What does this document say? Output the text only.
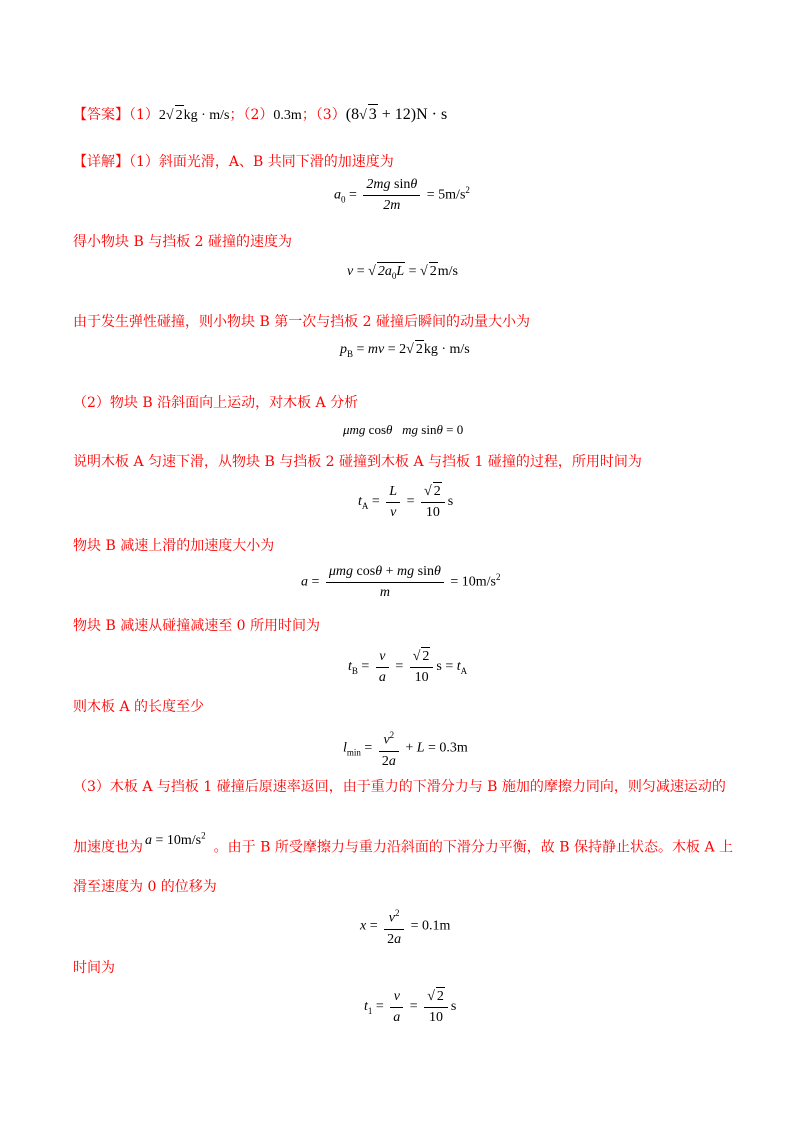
【答案】（1）2√ 2kg · m/s；（2）0.3m；（3）(8√ 3 + 12)N · s
【详解】（1）斜面光滑，A、B 共同下滑的加速度为
$a_0 = \frac{\text{2mg sinθ}}{2m} = 5m/s^2$
得小物块 B 与挡板 2 碰撞的速度为
v = √ $2a_0L$ = √ 2m/s
由于发生弹性碰撞，则小物块 B 第一次与挡板 2 碰撞后瞬间的动量大小为
$p_B$ = mv = 2√ 2kg · m/s
（2）物块 B 沿斜面向上运动，对木板 A 分析
μmg cosθ mg sinθ = 0
说明木板 A 匀速下滑，从物块 B 与挡板 2 碰撞到木板 A 与挡板 1 碰撞的过程，所用时间为
$t_A = \frac{L}{v} = \frac{√ 2}{10}$ s
物块 B 减速上滑的加速度大小为
$a = \frac{\text{μmg cosθ + mg sinθ}}{m} = 10m/s^2$
物块 B 减速从碰撞减速至 0 所用时间为
$t_B = \frac{v}{a} = \frac{√ 2}{10}$ $s = t_A$
则木板 A 的长度至少
$l_{min} = \frac{v^2}{2a} + L = 0.3m$
（3）木板 A 与挡板 1 碰撞后原速率返回，由于重力的下滑分力与 B 施加的摩擦力同向，则匀减速运动的
加速度也为 $a = 10m/s^2$。由于 B 所受摩擦力与重力沿斜面的下滑分力平衡，故 B 保持静止状态。木板 A 上
滑至速度为 0 的位移为
$x = \frac{v^2}{2a} = 0.1m$
时间为
$t_1 = \frac{v}{a} = \frac{√ 2}{10}$ s
